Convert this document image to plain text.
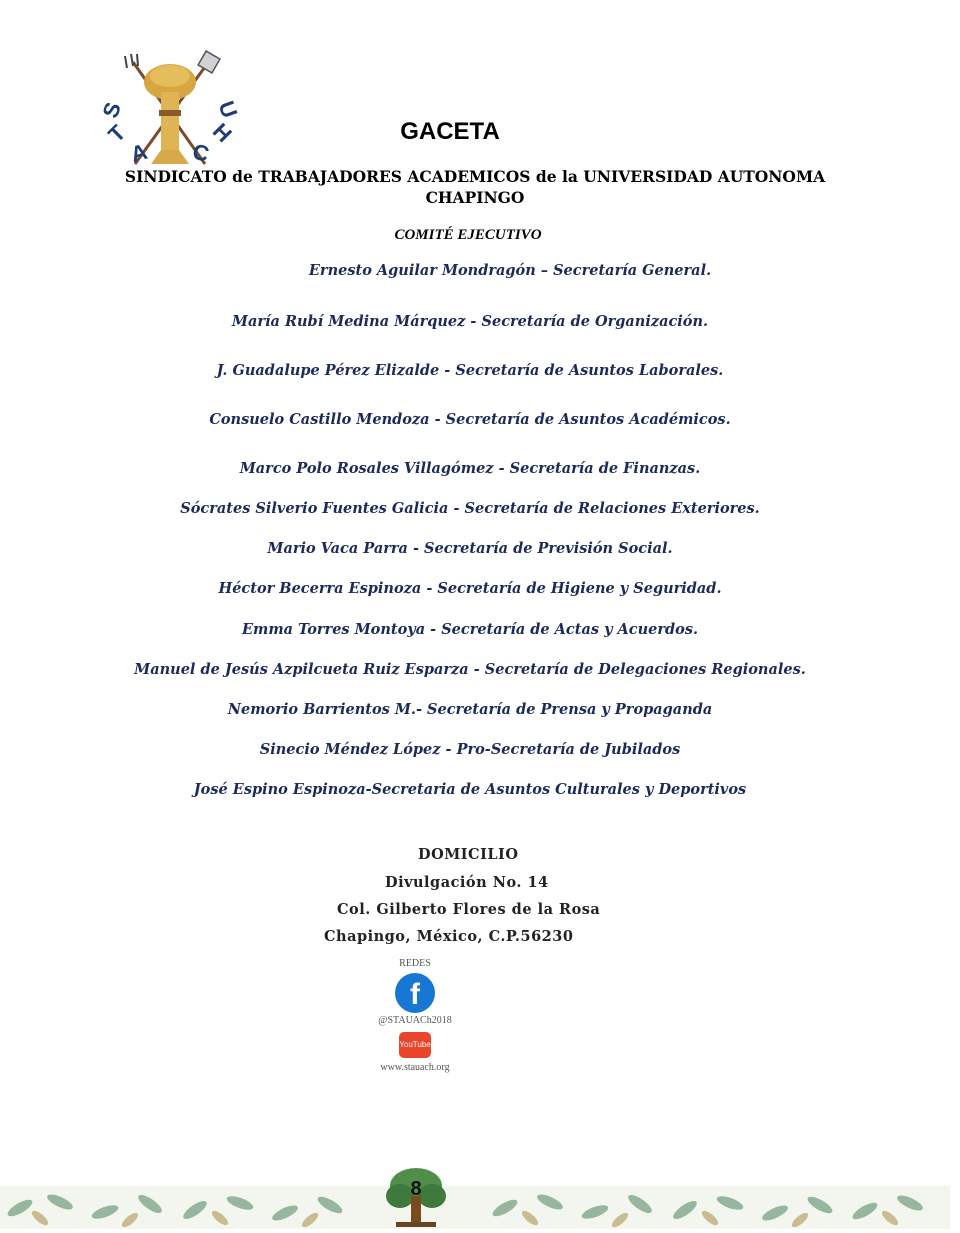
S
T
A C
H
U
GACETA
SINDICATO de TRABAJADORES ACADEMICOS de la UNIVERSIDAD AUTONOMA
CHAPINGO
COMITÉ EJECUTIVO
Ernesto Aguilar Mondragón – Secretaría General.
María Rubí Medina Márquez - Secretaría de Organización.
J. Guadalupe Pérez Elizalde - Secretaría de Asuntos Laborales.
Consuelo Castillo Mendoza - Secretaría de Asuntos Académicos.
Marco Polo Rosales Villagómez - Secretaría de Finanzas.
Sócrates Silverio Fuentes Galicia - Secretaría de Relaciones Exteriores.
Mario Vaca Parra - Secretaría de Previsión Social.
Héctor Becerra Espinoza - Secretaría de Higiene y Seguridad.
Emma Torres Montoya - Secretaría de Actas y Acuerdos.
Manuel de Jesús Azpilcueta Ruiz Esparza - Secretaría de Delegaciones Regionales.
Nemorio Barrientos M.- Secretaría de Prensa y Propaganda
Sinecio Méndez López - Pro-Secretaría de Jubilados
José Espino Espinoza-Secretaria de Asuntos Culturales y Deportivos
DOMICILIO
Divulgación No. 14
Col. Gilberto Flores de la Rosa
Chapingo, México, C.P.56230
REDES
f
@STAUACh2018
YouTube
www.stauach.org
8
